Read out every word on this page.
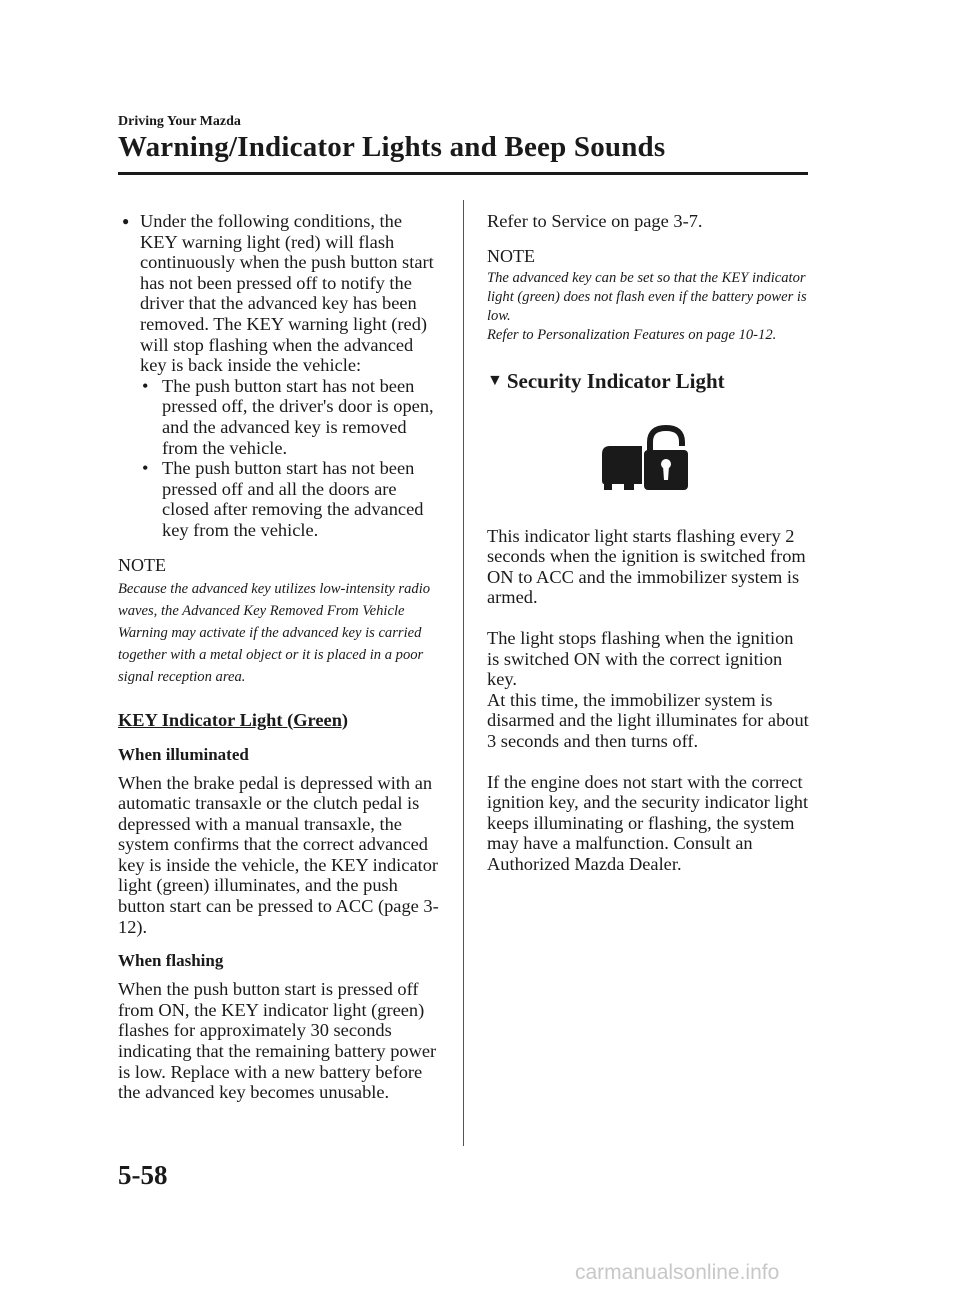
Driving Your Mazda
Warning/Indicator Lights and Beep Sounds

● Under the following conditions, the KEY warning light (red) will flash continuously when the push button start has not been pressed off to notify the driver that the advanced key has been removed. The KEY warning light (red) will stop flashing when the advanced key is back inside the vehicle:

• The push button start has not been pressed off, the driver's door is open, and the advanced key is removed from the vehicle.

• The push button start has not been pressed off and all the doors are closed after removing the advanced key from the vehicle.

NOTE

Because the advanced key utilizes low-intensity radio waves, the Advanced Key Removed From Vehicle Warning may activate if the advanced key is carried together with a metal object or it is placed in a poor signal reception area.

KEY Indicator Light (Green)
When illuminated

When the brake pedal is depressed with an automatic transaxle or the clutch pedal is depressed with a manual transaxle, the system confirms that the correct advanced key is inside the vehicle, the KEY indicator light (green) illuminates, and the push button start can be pressed to ACC (page 3-12).

When flashing

When the push button start is pressed off from ON, the KEY indicator light (green) flashes for approximately 30 seconds indicating that the remaining battery power is low. Replace with a new battery before the advanced key becomes unusable.

Refer to Service on page 3-7.

NOTE

The advanced key can be set so that the KEY indicator light (green) does not flash even if the battery power is low.

Refer to Personalization Features on page 10-12.

▼ Security Indicator Light

This indicator light starts flashing every 2 seconds when the ignition is switched from ON to ACC and the immobilizer system is armed.

The light stops flashing when the ignition is switched ON with the correct ignition key.

At this time, the immobilizer system is disarmed and the light illuminates for about 3 seconds and then turns off.

If the engine does not start with the correct ignition key, and the security indicator light keeps illuminating or flashing, the system may have a malfunction. Consult an Authorized Mazda Dealer.

5-58
carmanualsonline.info
